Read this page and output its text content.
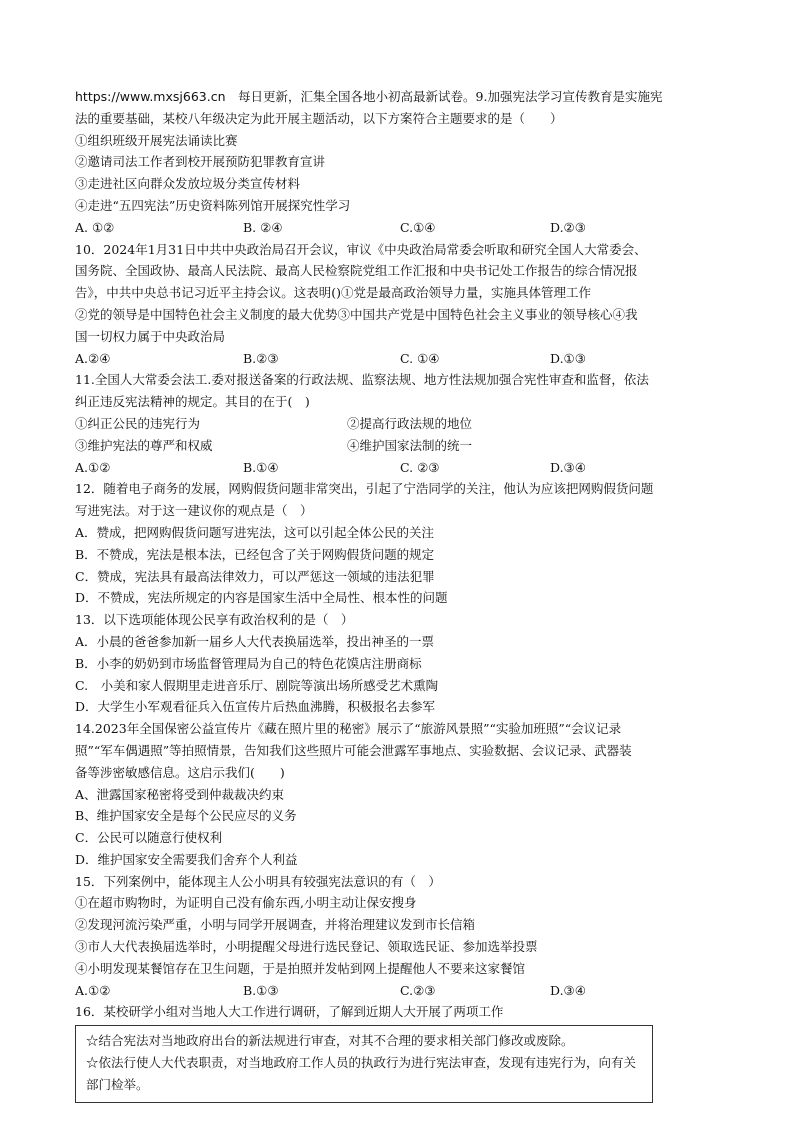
https://www.mxsj663.cn　 每日更新，汇集全国各地小初高最新试卷。9.加强宪法学习宣传教育是实施宪
法的重要基础，某校八年级决定为此开展主题活动，以下方案符合主题要求的是（　　）
①组织班级开展宪法诵读比赛
②邀请司法工作者到校开展预防犯罪教育宣讲
③走进社区向群众发放垃圾分类宣传材料
④走进“五四宪法”历史资料陈列馆开展探究性学习
A. ①②	B. ②④	C.①④	D.②③
10．2024年1月31日中共中央政治局召开会议，审议《中央政治局常委会听取和研究全国人大常委会、
国务院、全国政协、最高人民法院、最高人民检察院党组工作汇报和中央书记处工作报告的综合情况报
告》，中共中央总书记习近平主持会议。这表明()①党是最高政治领导力量，实施具体管理工作
②党的领导是中国特色社会主义制度的最大优势③中国共产党是中国特色社会主义事业的领导核心④我
国一切权力属于中央政治局
A.②④	B.②③	C. ①④	D.①③
11.全国人大常委会法工.委对报送备案的行政法规、监察法规、地方性法规加强合宪性审查和监督，依法
纠正违反宪法精神的规定。其目的在于(　)
①纠正公民的违宪行为	②提高行政法规的地位
③维护宪法的尊严和权威	④维护国家法制的统一
A.①②	B.①④	C. ②③	D.③④
12．随着电子商务的发展，网购假货问题非常突出，引起了宁浩同学的关注，他认为应该把网购假货问题
写进宪法。对于这一建议你的观点是（　）
A．赞成，把网购假货问题写进宪法，这可以引起全体公民的关注
B．不赞成，宪法是根本法，已经包含了关于网购假货问题的规定
C．赞成，宪法具有最高法律效力，可以严惩这一领域的违法犯罪
D．不赞成，宪法所规定的内容是国家生活中全局性、根本性的问题
13．以下选项能体现公民享有政治权利的是（　）
A．小晨的爸爸参加新一届乡人大代表换届选举，投出神圣的一票
B．小李的奶奶到市场监督管理局为自己的特色花馍店注册商标
C.　小美和家人假期里走进音乐厅、剧院等演出场所感受艺术熏陶
D．大学生小军观看征兵入伍宣传片后热血沸腾，积极报名去参军
14.2023年全国保密公益宣传片《藏在照片里的秘密》展示了“旅游风景照”“实验加班照”“会议记录
照”“军车偶遇照”等拍照情景，告知我们这些照片可能会泄露军事地点、实验数据、会议记录、武器装
备等涉密敏感信息。这启示我们(　　)
A、泄露国家秘密将受到仲裁裁决约束
B、维护国家安全是每个公民应尽的义务
C．公民可以随意行使权利
D．维护国家安全需要我们舍弃个人利益
15．下列案例中，能体现主人公小明具有较强宪法意识的有（　）
①在超市购物时，为证明自己没有偷东西,小明主动让保安搜身
②发现河流污染严重，小明与同学开展调查，并将治理建议发到市长信箱
③市人大代表换届选举时，小明提醒父母进行选民登记、领取选民证、参加选举投票
④小明发现某餐馆存在卫生问题，于是拍照并发帖到网上提醒他人不要来这家餐馆
A.①②	B.①③	C.②③	D.③④
16．某校研学小组对当地人大工作进行调研，了解到近期人大开展了两项工作
☆结合宪法对当地政府出台的新法规进行审查，对其不合理的要求相关部门修改或废除。
☆依法行使人大代表职责，对当地政府工作人员的执政行为进行宪法审查，发现有违宪行为，向有关部门检举。
